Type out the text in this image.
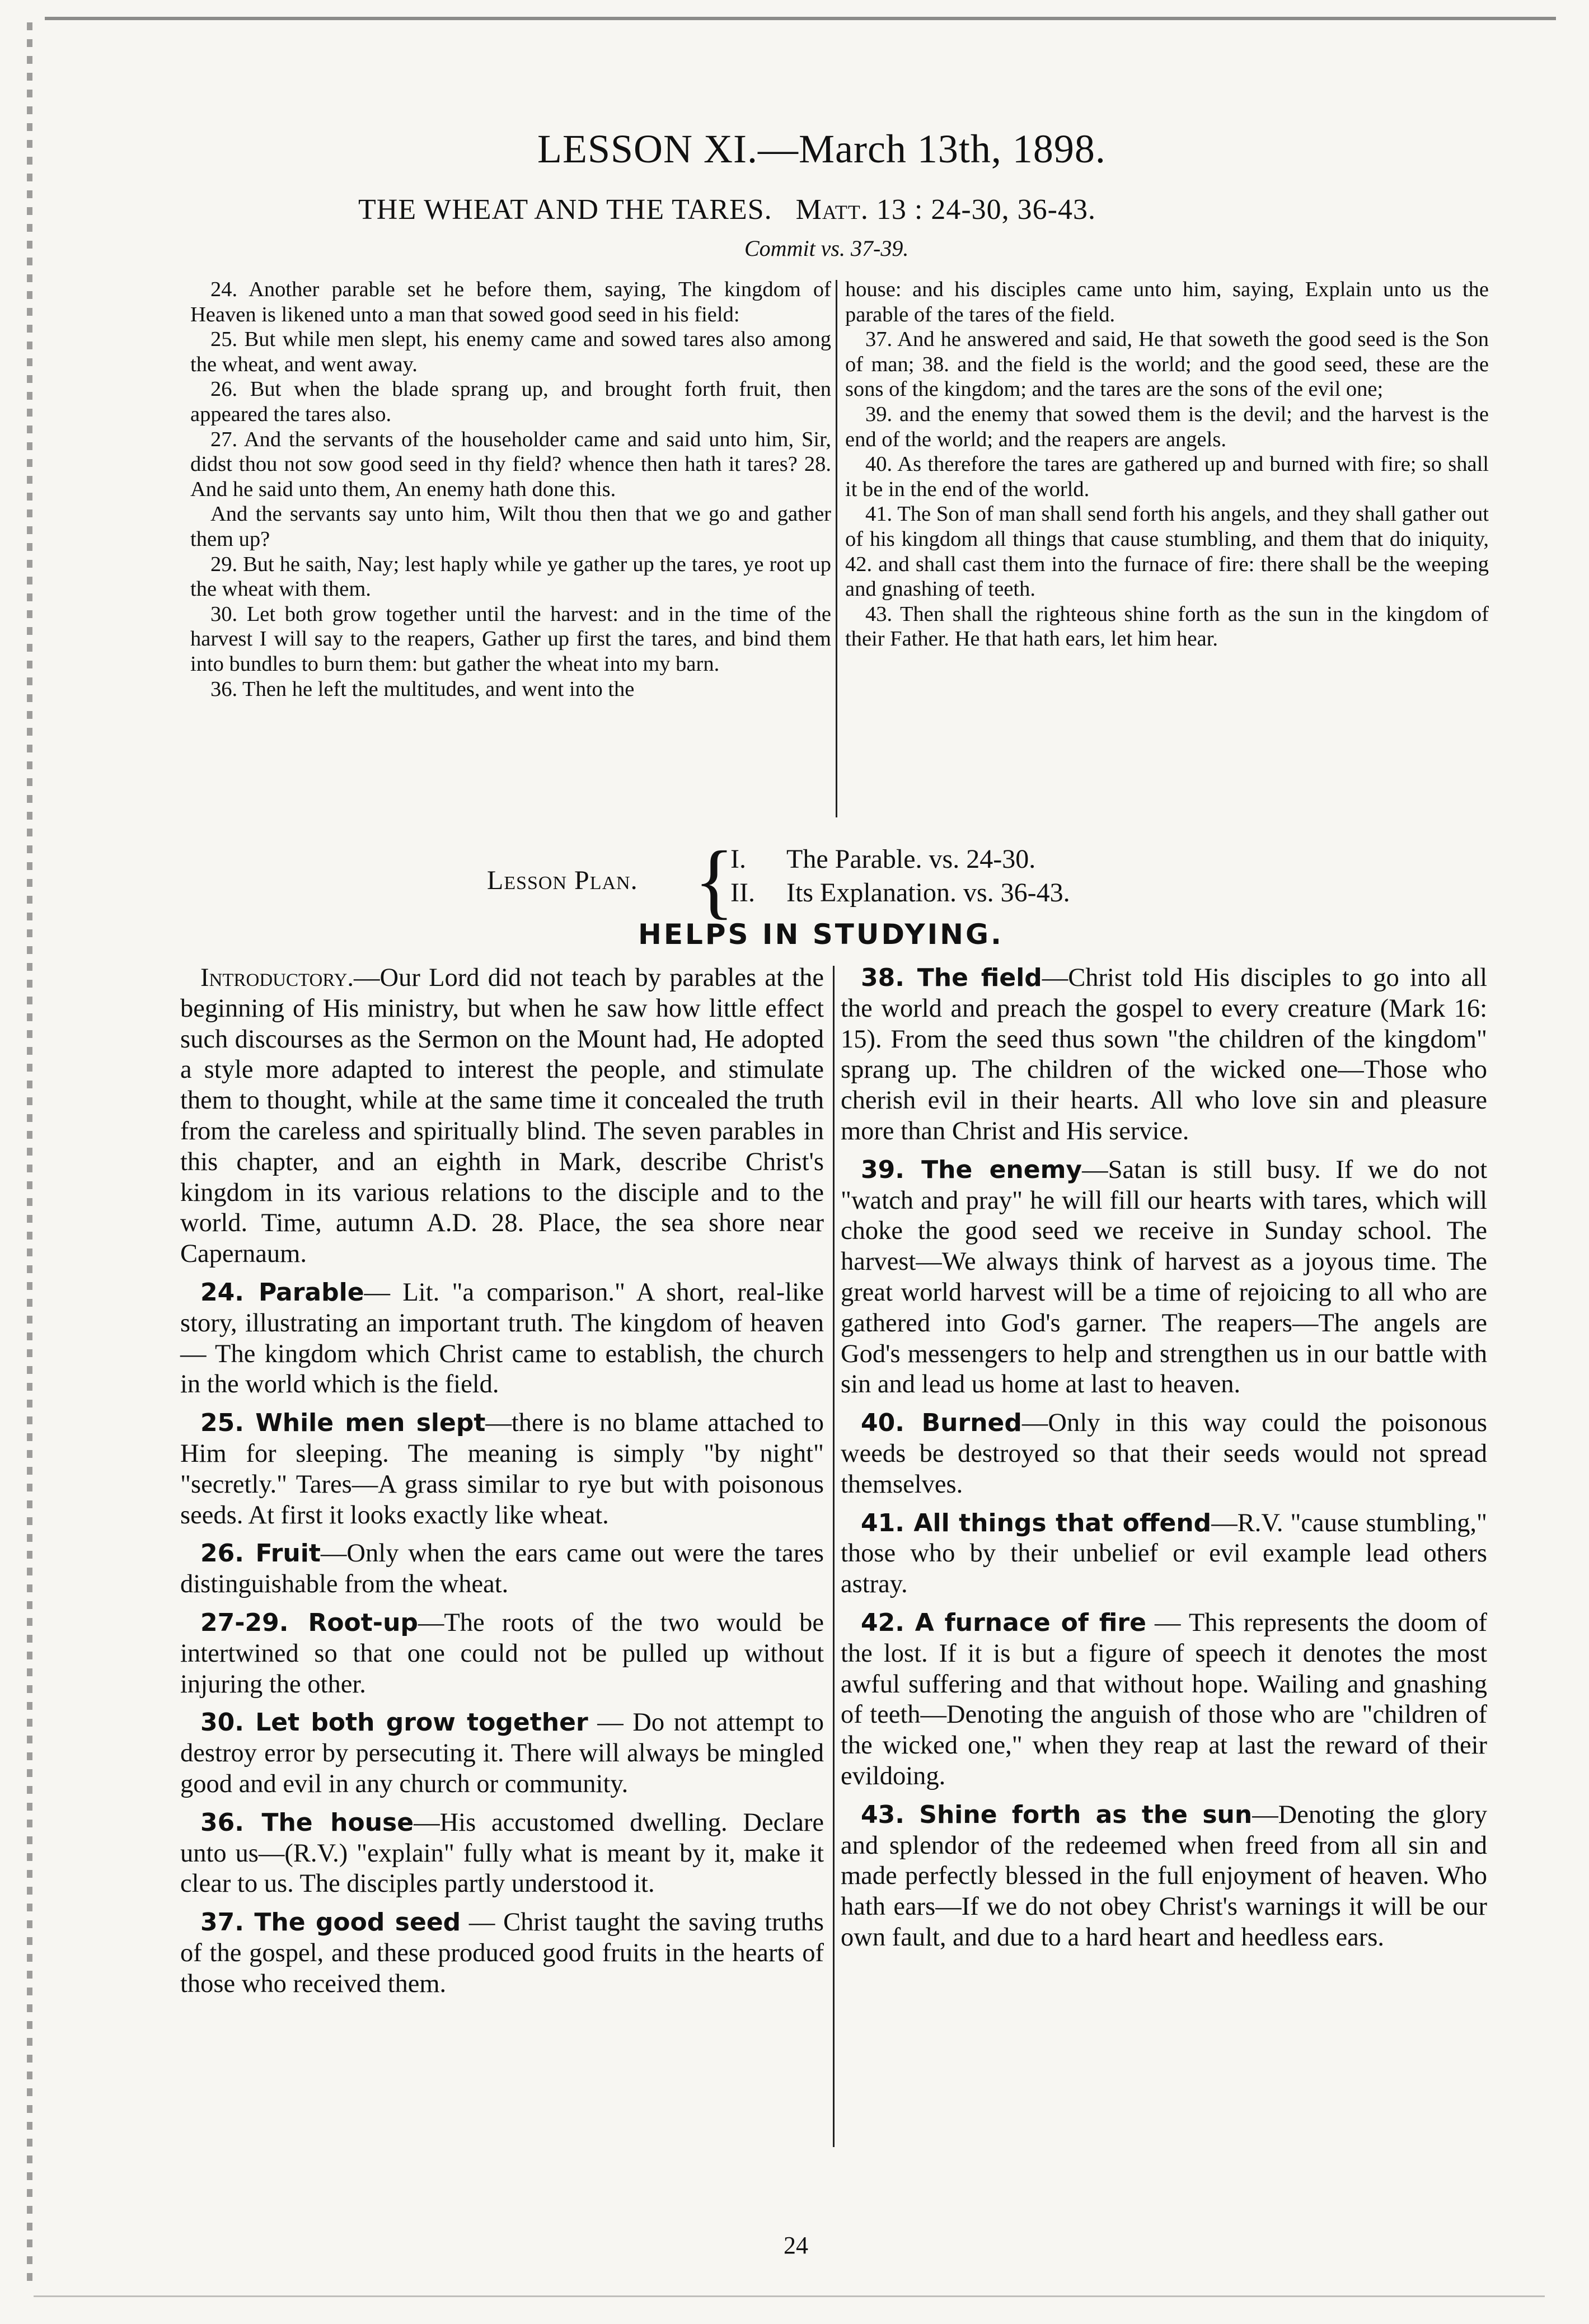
LESSON XI.—March 13th, 1898.
THE WHEAT AND THE TARES. Matt. 13 : 24-30, 36-43.
Commit vs. 37-39.

24. Another parable set he before them, saying, The kingdom of Heaven is likened unto a man that sowed good seed in his field:

25. But while men slept, his enemy came and sowed tares also among the wheat, and went away.

26. But when the blade sprang up, and brought forth fruit, then appeared the tares also.

27. And the servants of the householder came and said unto him, Sir, didst thou not sow good seed in thy field? whence then hath it tares? 28. And he said unto them, An enemy hath done this.

And the servants say unto him, Wilt thou then that we go and gather them up?

29. But he saith, Nay; lest haply while ye gather up the tares, ye root up the wheat with them.

30. Let both grow together until the harvest: and in the time of the harvest I will say to the reapers, Gather up first the tares, and bind them into bundles to burn them: but gather the wheat into my barn.

36. Then he left the multitudes, and went into the

house: and his disciples came unto him, saying, Explain unto us the parable of the tares of the field.

37. And he answered and said, He that soweth the good seed is the Son of man; 38. and the field is the world; and the good seed, these are the sons of the kingdom; and the tares are the sons of the evil one;

39. and the enemy that sowed them is the devil; and the harvest is the end of the world; and the reapers are angels.

40. As therefore the tares are gathered up and burned with fire; so shall it be in the end of the world.

41. The Son of man shall send forth his angels, and they shall gather out of his kingdom all things that cause stumbling, and them that do iniquity, 42. and shall cast them into the furnace of fire: there shall be the weeping and gnashing of teeth.

43. Then shall the righteous shine forth as the sun in the kingdom of their Father. He that hath ears, let him hear.

Lesson Plan. {
I. The Parable. vs. 24-30.
II. Its Explanation. vs. 36-43.
HELPS IN STUDYING.

Introductory.—Our Lord did not teach by parables at the beginning of His ministry, but when he saw how little effect such discourses as the Sermon on the Mount had, He adopted a style more adapted to interest the people, and stimulate them to thought, while at the same time it concealed the truth from the careless and spiritually blind. The seven parables in this chapter, and an eighth in Mark, describe Christ's kingdom in its various relations to the disciple and to the world. Time, autumn A.D. 28. Place, the sea shore near Capernaum.

24. Parable— Lit. "a comparison." A short, real-like story, illustrating an important truth. The kingdom of heaven — The kingdom which Christ came to establish, the church in the world which is the field.

25. While men slept—there is no blame attached to Him for sleeping. The meaning is simply "by night" "secretly." Tares—A grass similar to rye but with poisonous seeds. At first it looks exactly like wheat.

26. Fruit—Only when the ears came out were the tares distinguishable from the wheat.

27-29. Root-up—The roots of the two would be intertwined so that one could not be pulled up without injuring the other.

30. Let both grow together — Do not attempt to destroy error by persecuting it. There will always be mingled good and evil in any church or community.

36. The house—His accustomed dwelling. Declare unto us—(R.V.) "explain" fully what is meant by it, make it clear to us. The disciples partly understood it.

37. The good seed — Christ taught the saving truths of the gospel, and these produced good fruits in the hearts of those who received them.

38. The field—Christ told His disciples to go into all the world and preach the gospel to every creature (Mark 16: 15). From the seed thus sown "the children of the kingdom" sprang up. The children of the wicked one—Those who cherish evil in their hearts. All who love sin and pleasure more than Christ and His service.

39. The enemy—Satan is still busy. If we do not "watch and pray" he will fill our hearts with tares, which will choke the good seed we receive in Sunday school. The harvest—We always think of harvest as a joyous time. The great world harvest will be a time of rejoicing to all who are gathered into God's garner. The reapers—The angels are God's messengers to help and strengthen us in our battle with sin and lead us home at last to heaven.

40. Burned—Only in this way could the poisonous weeds be destroyed so that their seeds would not spread themselves.

41. All things that offend—R.V. "cause stumbling," those who by their unbelief or evil example lead others astray.

42. A furnace of fire — This represents the doom of the lost. If it is but a figure of speech it denotes the most awful suffering and that without hope. Wailing and gnashing of teeth—Denoting the anguish of those who are "children of the wicked one," when they reap at last the reward of their evildoing.

43. Shine forth as the sun—Denoting the glory and splendor of the redeemed when freed from all sin and made perfectly blessed in the full enjoyment of heaven. Who hath ears—If we do not obey Christ's warnings it will be our own fault, and due to a hard heart and heedless ears.

24
